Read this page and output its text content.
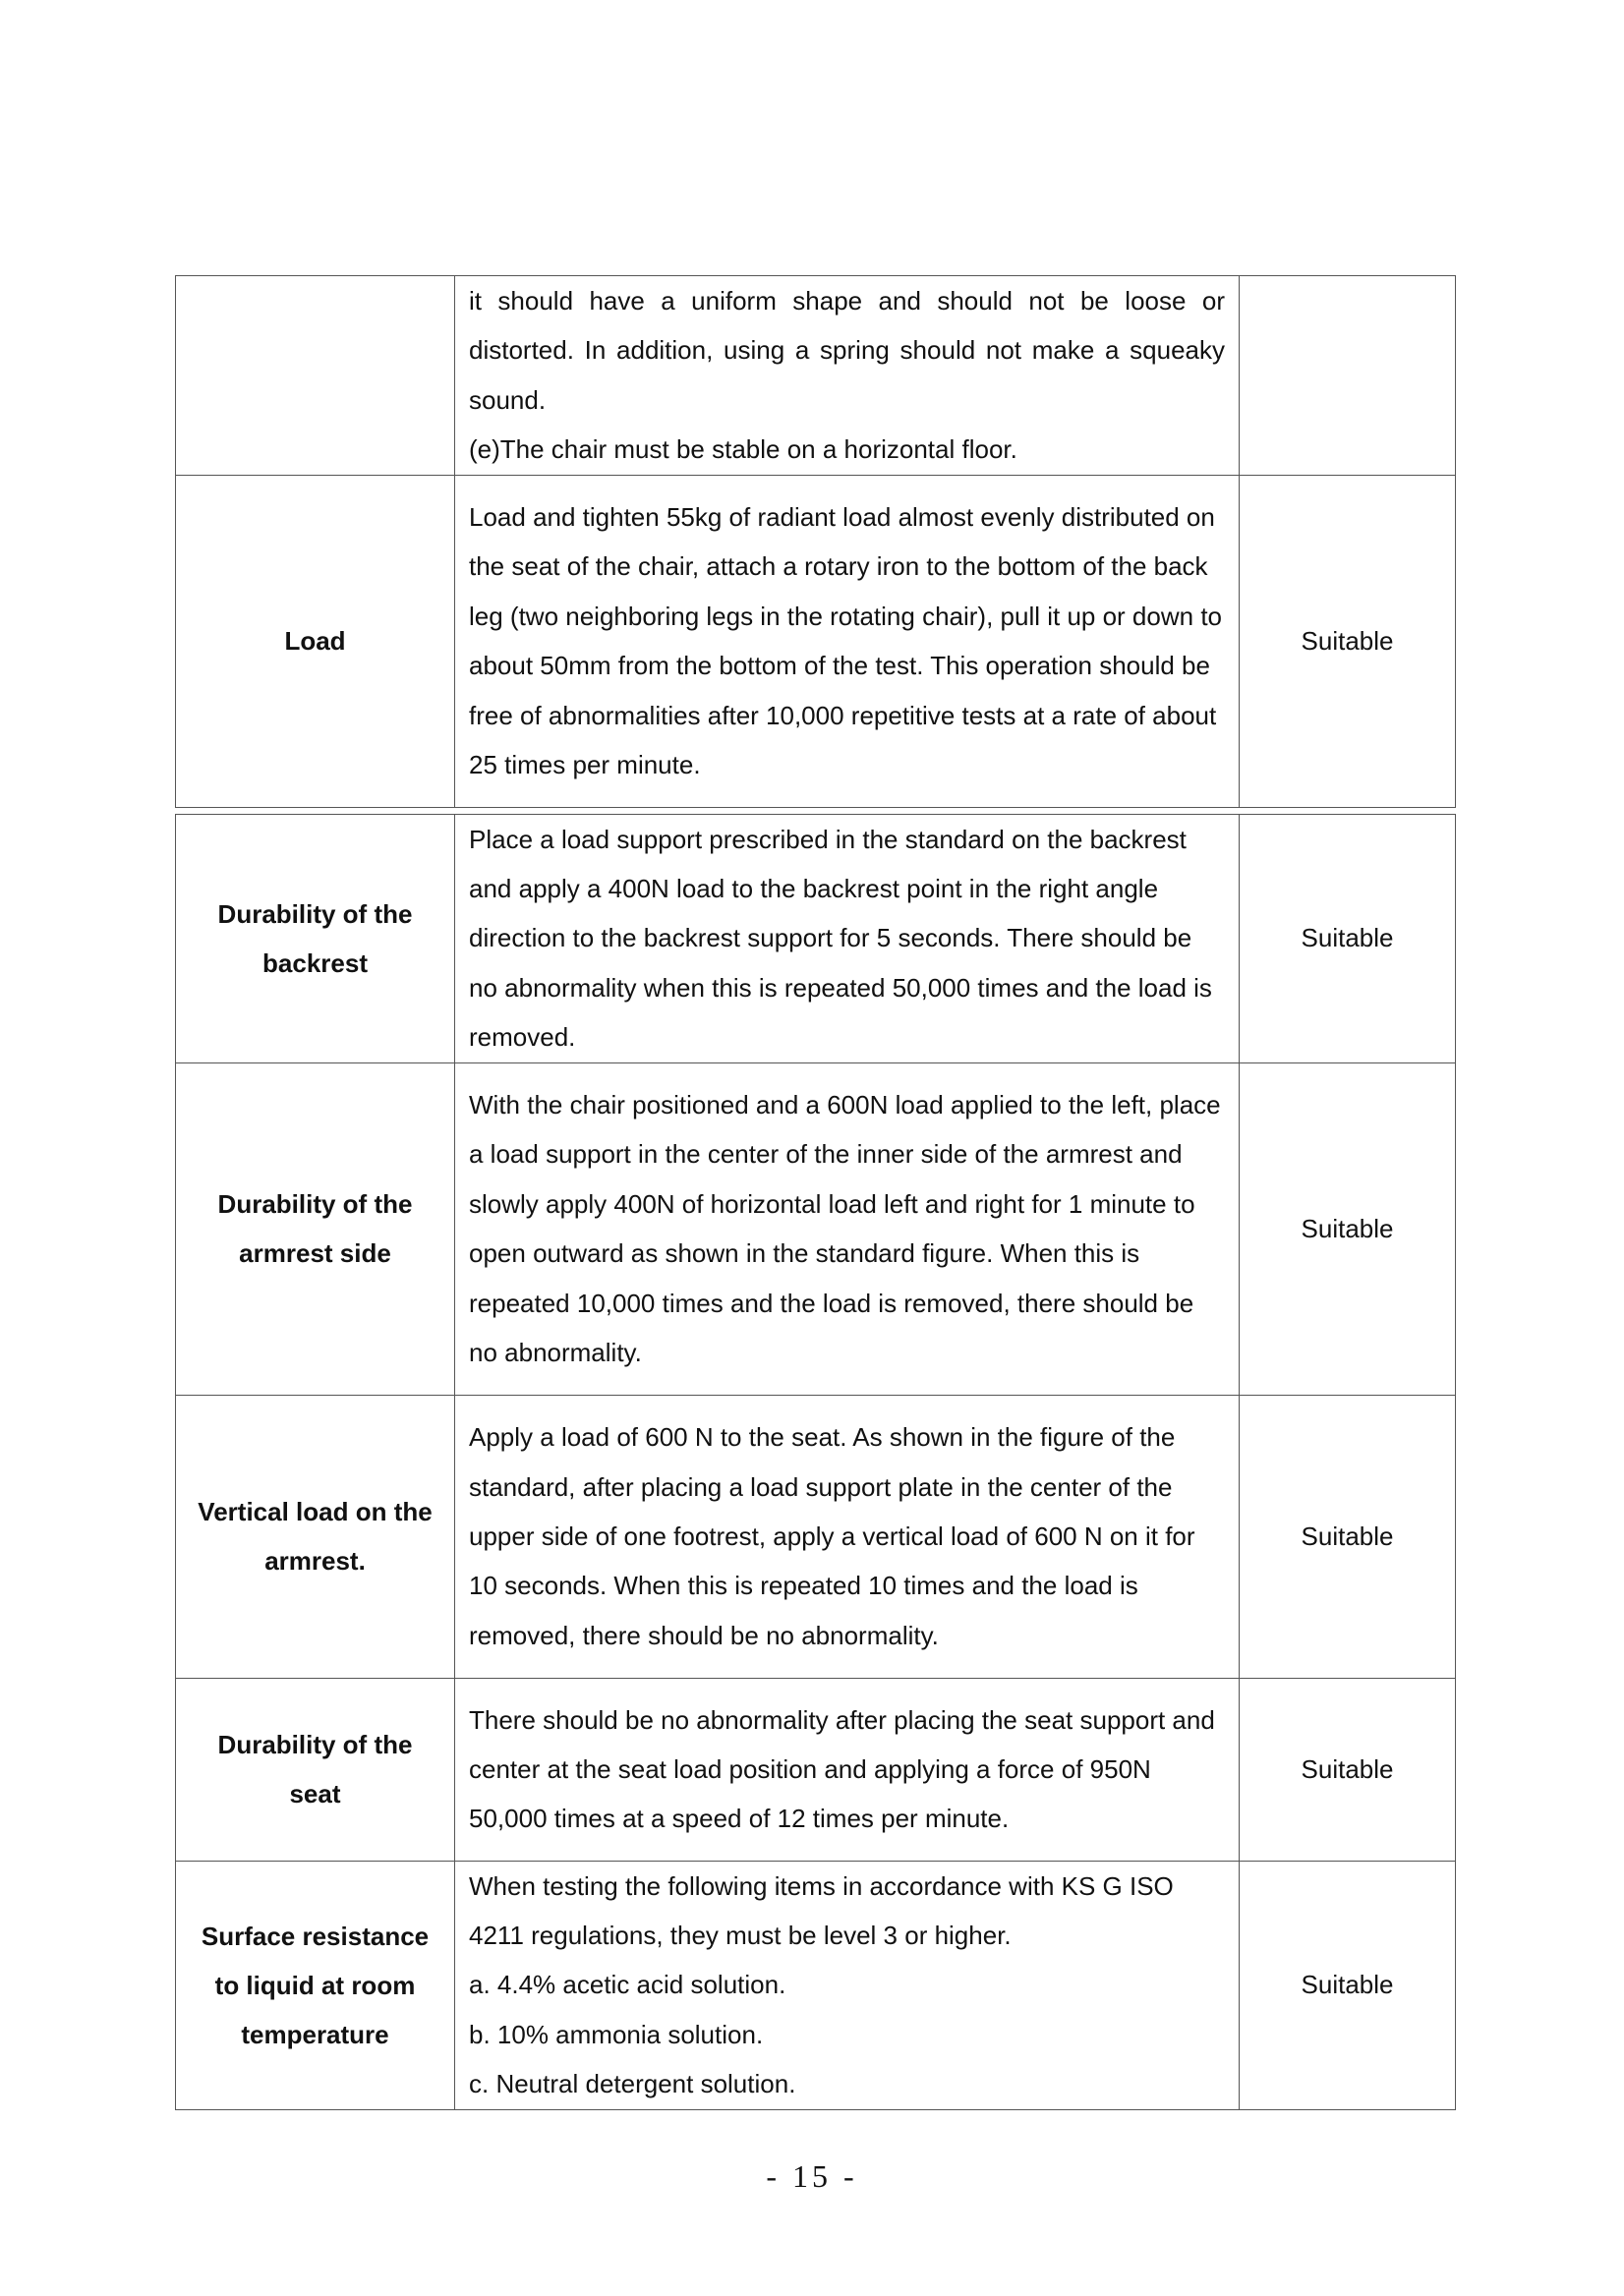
	it should have a uniform shape and should not be loose or distorted. In addition, using a spring should not make a squeaky sound.
(e)The chair must be stable on a horizontal floor.	

Load	Load and tighten 55kg of radiant load almost evenly distributed on the seat of the chair, attach a rotary iron to the bottom of the back leg (two neighboring legs in the rotating chair), pull it up or down to about 50mm from the bottom of the test. This operation should be free of abnormalities after 10,000 repetitive tests at a rate of about 25 times per minute.	Suitable

Durability of the backrest	Place a load support prescribed in the standard on the backrest and apply a 400N load to the backrest point in the right angle direction to the backrest support for 5 seconds. There should be no abnormality when this is repeated 50,000 times and the load is removed.	Suitable
Durability of the armrest side	With the chair positioned and a 600N load applied to the left, place a load support in the center of the inner side of the armrest and slowly apply 400N of horizontal load left and right for 1 minute to open outward as shown in the standard figure. When this is repeated 10,000 times and the load is removed, there should be no abnormality.	Suitable
Vertical load on the armrest.	Apply a load of 600 N to the seat. As shown in the figure of the standard, after placing a load support plate in the center of the upper side of one footrest, apply a vertical load of 600 N on it for 10 seconds. When this is repeated 10 times and the load is removed, there should be no abnormality.	Suitable
Durability of the seat	There should be no abnormality after placing the seat support and center at the seat load position and applying a force of 950N 50,000 times at a speed of 12 times per minute.	Suitable
Surface resistance to liquid at room temperature	When testing the following items in accordance with KS G ISO 4211 regulations, they must be level 3 or higher.
a. 4.4% acetic acid solution.
b. 10% ammonia solution.
c. Neutral detergent solution.	Suitable
- 15 -
